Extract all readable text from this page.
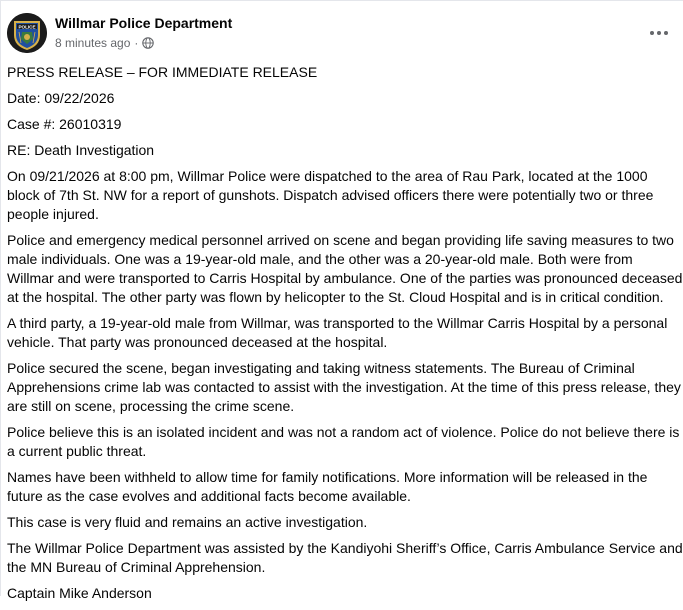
POLICE Willmar Police Department
8 minutes ago ·

PRESS RELEASE – FOR IMMEDIATE RELEASE

Date: 09/22/2026

Case #: 26010319

RE: Death Investigation

On 09/21/2026 at 8:00 pm, Willmar Police were dispatched to the area of Rau Park, located at the 1000 block of 7th St. NW for a report of gunshots. Dispatch advised officers there were potentially two or three people injured.

Police and emergency medical personnel arrived on scene and began providing life saving measures to two male individuals. One was a 19-year-old male, and the other was a 20-year-old male. Both were from Willmar and were transported to Carris Hospital by ambulance. One of the parties was pronounced deceased at the hospital. The other party was flown by helicopter to the St. Cloud Hospital and is in critical condition.

A third party, a 19-year-old male from Willmar, was transported to the Willmar Carris Hospital by a personal vehicle. That party was pronounced deceased at the hospital.

Police secured the scene, began investigating and taking witness statements. The Bureau of Criminal Apprehensions crime lab was contacted to assist with the investigation. At the time of this press release, they are still on scene, processing the crime scene.

Police believe this is an isolated incident and was not a random act of violence. Police do not believe there is a current public threat.

Names have been withheld to allow time for family notifications. More information will be released in the future as the case evolves and additional facts become available.

This case is very fluid and remains an active investigation.

The Willmar Police Department was assisted by the Kandiyohi Sheriff’s Office, Carris Ambulance Service and the MN Bureau of Criminal Apprehension.

Captain Mike Anderson
